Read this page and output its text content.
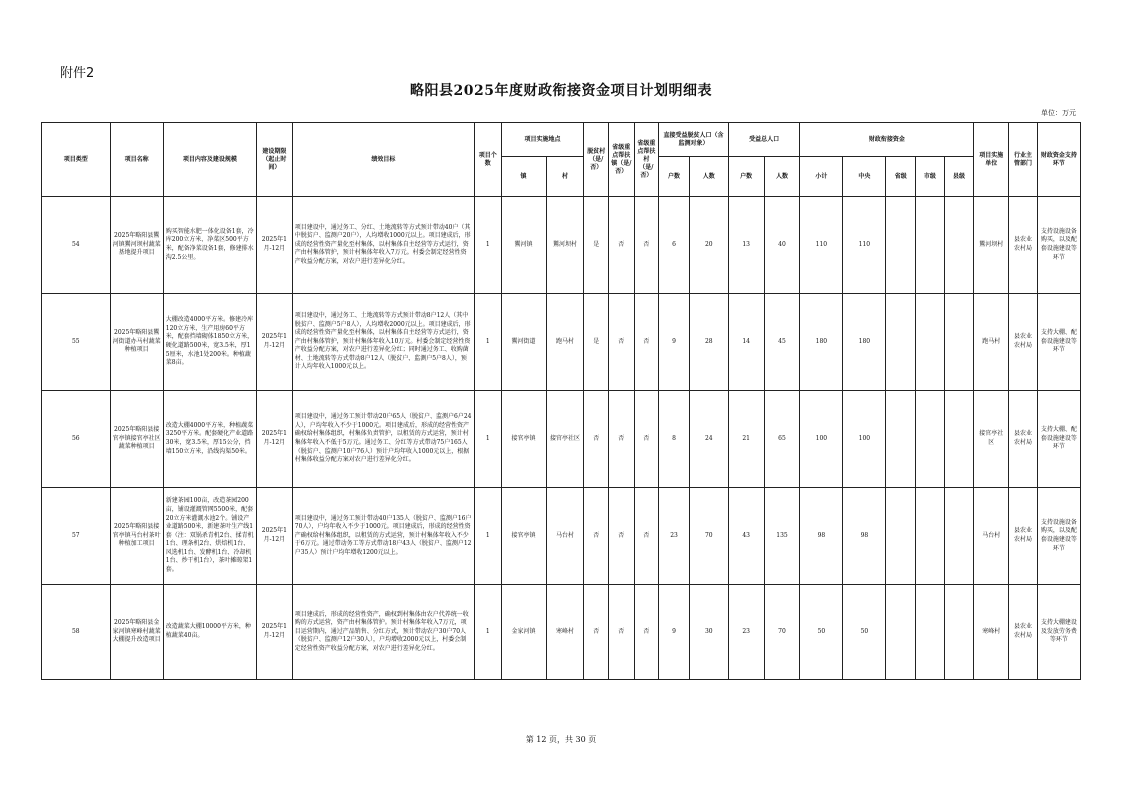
附件2
略阳县2025年度财政衔接资金项目计划明细表
单位：万元
项目类型	项目名称	项目内容及建设规模	建设期限（起止时间）	绩效目标	项目个数	项目实施地点		脱贫村（是/否）	省级重点帮扶镇（是/否）	省级重点帮扶村（是/否）	直接受益脱贫人口（含监测对象）		受益总人口		财政衔接资金					项目实施单位	行业主管部门	财政资金支持环节
						镇	村				户数	人数	户数	人数	小计	中央	省级	市级	县级			
54	2025年略阳县鸑河镇鸑河坝村蔬菜基地提升项目	购买智能水肥一体化设备1套，冷库200立方米、净菜区500平方米，配备净菜设备1套，修建排水沟2.5公里。	2025年1月-12月	项目建设中，通过务工、分红、土地流转等方式预计带动40户（其中脱贫户、监测户20户），人均增收1000元以上。项目建成后，形成的经营性资产量化至村集体，以村集体自主经营等方式运行，资产由村集体管护，预计村集体年收入7万元。村委会制定经营性资产收益分配方案，对农户进行差异化分红。	1	鸑河镇	鸑河坝村	是	否	否	6	20	13	40	110	110				鸑河坝村	县农业农村局	支持设施设备购买，以及配套设施建设等环节
55	2025年略阳县鸑河街道办马村蔬菜种植项目	大棚改造4000平方米。修建冷库120立方米，生产用房60平方米，配套挡墙砌体1850立方米，硬化道路500米，宽3.5米，厚15厘米，水池1处200米。种植蔬菜8亩。	2025年1月-12月	项目建设中，通过务工、土地流转等方式预计带动8户12人（其中脱贫户、监测户5户8人），人均增收2000元以上。项目建成后，形成的经营性资产量化至村集体，以村集体自主经营等方式运行，资产由村集体管护，预计村集体年收入10万元。村委会制定经营性资产收益分配方案，对农户进行差异化分红；同时通过务工、收购菌材、土地流转等方式带动8户12人（脱贫户、监测户5户8人），预计人均年收入1000元以上。	1	鸑河街道	跑马村	是	否	否	9	28	14	45	180	180				跑马村	县农业农村局	支持大棚、配套设施建设等环节
56	2025年略阳县接官亭镇接官亭社区蔬菜种植项目	改造大棚4000平方米，种植蔬菜3250平方米。配套硬化产业道路30米，宽3.5米，厚15公分，挡墙150立方米，沿线沟渠50米。	2025年1月-12月	项目建设中，通过务工预计带动20户65人（脱贫户、监测户6户24人），户均年收入不少于1000元。项目建成后，形成的经营性资产确权给村集体组织，村集体负责管护，以租赁的方式运营，预计村集体年收入不低于5万元。通过务工、分红等方式带动75户165人（脱贫户、监测户10户76人）预计户均年收入1000元以上，根据村集体收益分配方案对农户进行差异化分红。	1	接官亭镇	接官亭社区	否	否	否	8	24	21	65	100	100				接官亭社区	县农业农村局	支持大棚、配套设施建设等环节
57	2025年略阳县接官亭镇马台村茶叶种植加工项目	新建茶园100亩，改造茶园200亩，铺设灌溉管网5500米，配套20立方米灌溉水池2个。铺设产业道路500米，新建茶叶生产线1套（注：双锅杀青机2台、揉青机1台、理条机2台、烘焙机1台、风选机1台、发酵机1台、冷却机1台、炒干机1台），茶叶摊晾架1套。	2025年1月-12月	项目建设中，通过务工预计带动40户135人（脱贫户、监测户16户70人），户均年收入不少于1000元。项目建成后，形成的经营性资产确权给村集体组织，以租赁的方式运营，预计村集体年收入不少于6万元。通过带动务工等方式带动18户43人（脱贫户、监测户12户35人）预计户均年增收1200元以上。	1	接官亭镇	马台村	否	否	否	23	70	43	135	98	98				马台村	县农业农村局	支持设施设备购买，以及配套设施建设等环节
58	2025年略阳县金家河镇寒峰村蔬菜大棚提升改造项目	改造蔬菜大棚10000平方米，种植蔬菜40亩。	2025年1月-12月	项目建成后，形成的经营性资产，确权到村集体由农户代养统一收购的方式运营，资产由村集体管护。预计村集体年收入7万元，项目运营期内，通过产品销售、分红方式，预计带动农户30户70人（脱贫户、监测户12户30人），户均增收2000元以上，村委会制定经营性资产收益分配方案，对农户进行差异化分红。	1	金家河镇	寒峰村	否	否	否	9	30	23	70	50	50				寒峰村	县农业农村局	支持大棚建设及发放劳务费等环节
第 12 页，共 30 页
